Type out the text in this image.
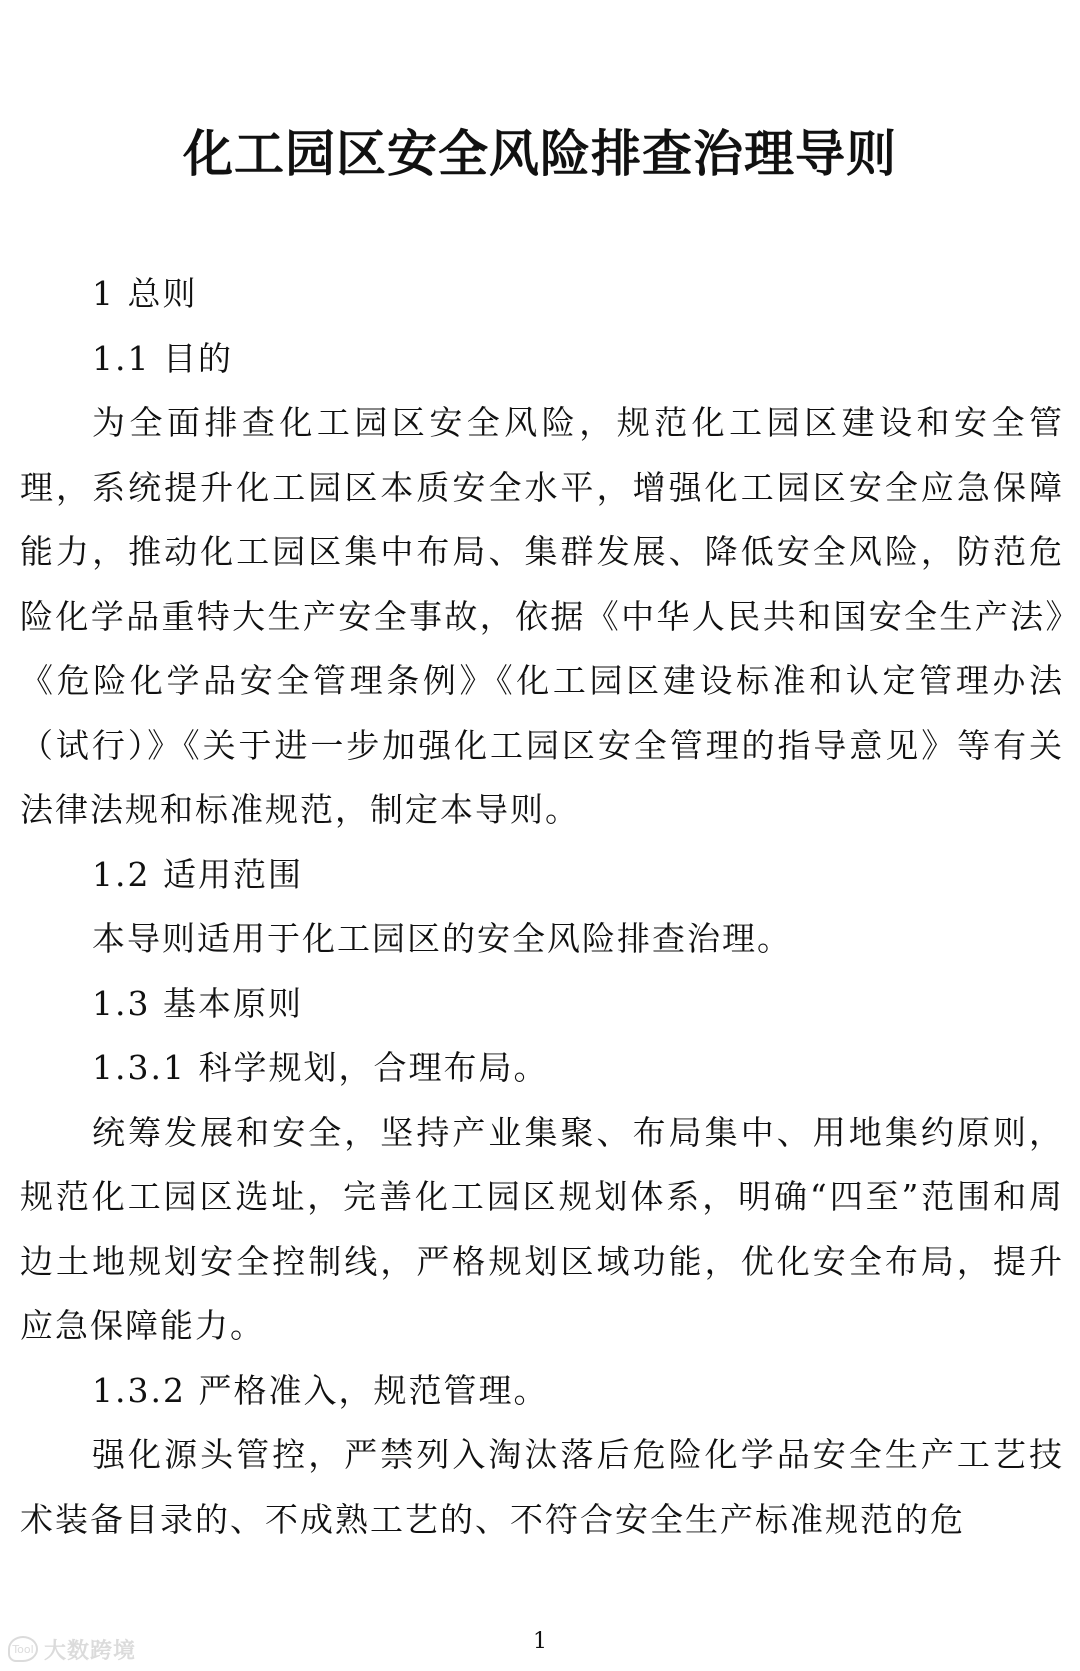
化工园区安全风险排查治理导则

1 总则

1.1 目的

为全面排查化工园区安全风险，规范化工园区建设和安全管理，系统提升化工园区本质安全水平，增强化工园区安全应急保障能力，推动化工园区集中布局、集群发展、降低安全风险，防范危险化学品重特大生产安全事故，依据《中华人民共和国安全生产法》《危险化学品安全管理条例》《化工园区建设标准和认定管理办法（试行）》《关于进一步加强化工园区安全管理的指导意见》等有关法律法规和标准规范，制定本导则。

1.2 适用范围

本导则适用于化工园区的安全风险排查治理。

1.3 基本原则

1.3.1 科学规划，合理布局。

统筹发展和安全，坚持产业集聚、布局集中、用地集约原则，规范化工园区选址，完善化工园区规划体系，明确“四至”范围和周边土地规划安全控制线，严格规划区域功能，优化安全布局，提升应急保障能力。

1.3.2 严格准入，规范管理。

强化源头管控，严禁列入淘汰落后危险化学品安全生产工艺技术装备目录的、不成熟工艺的、不符合安全生产标准规范的危

1
Tool 大数跨境
